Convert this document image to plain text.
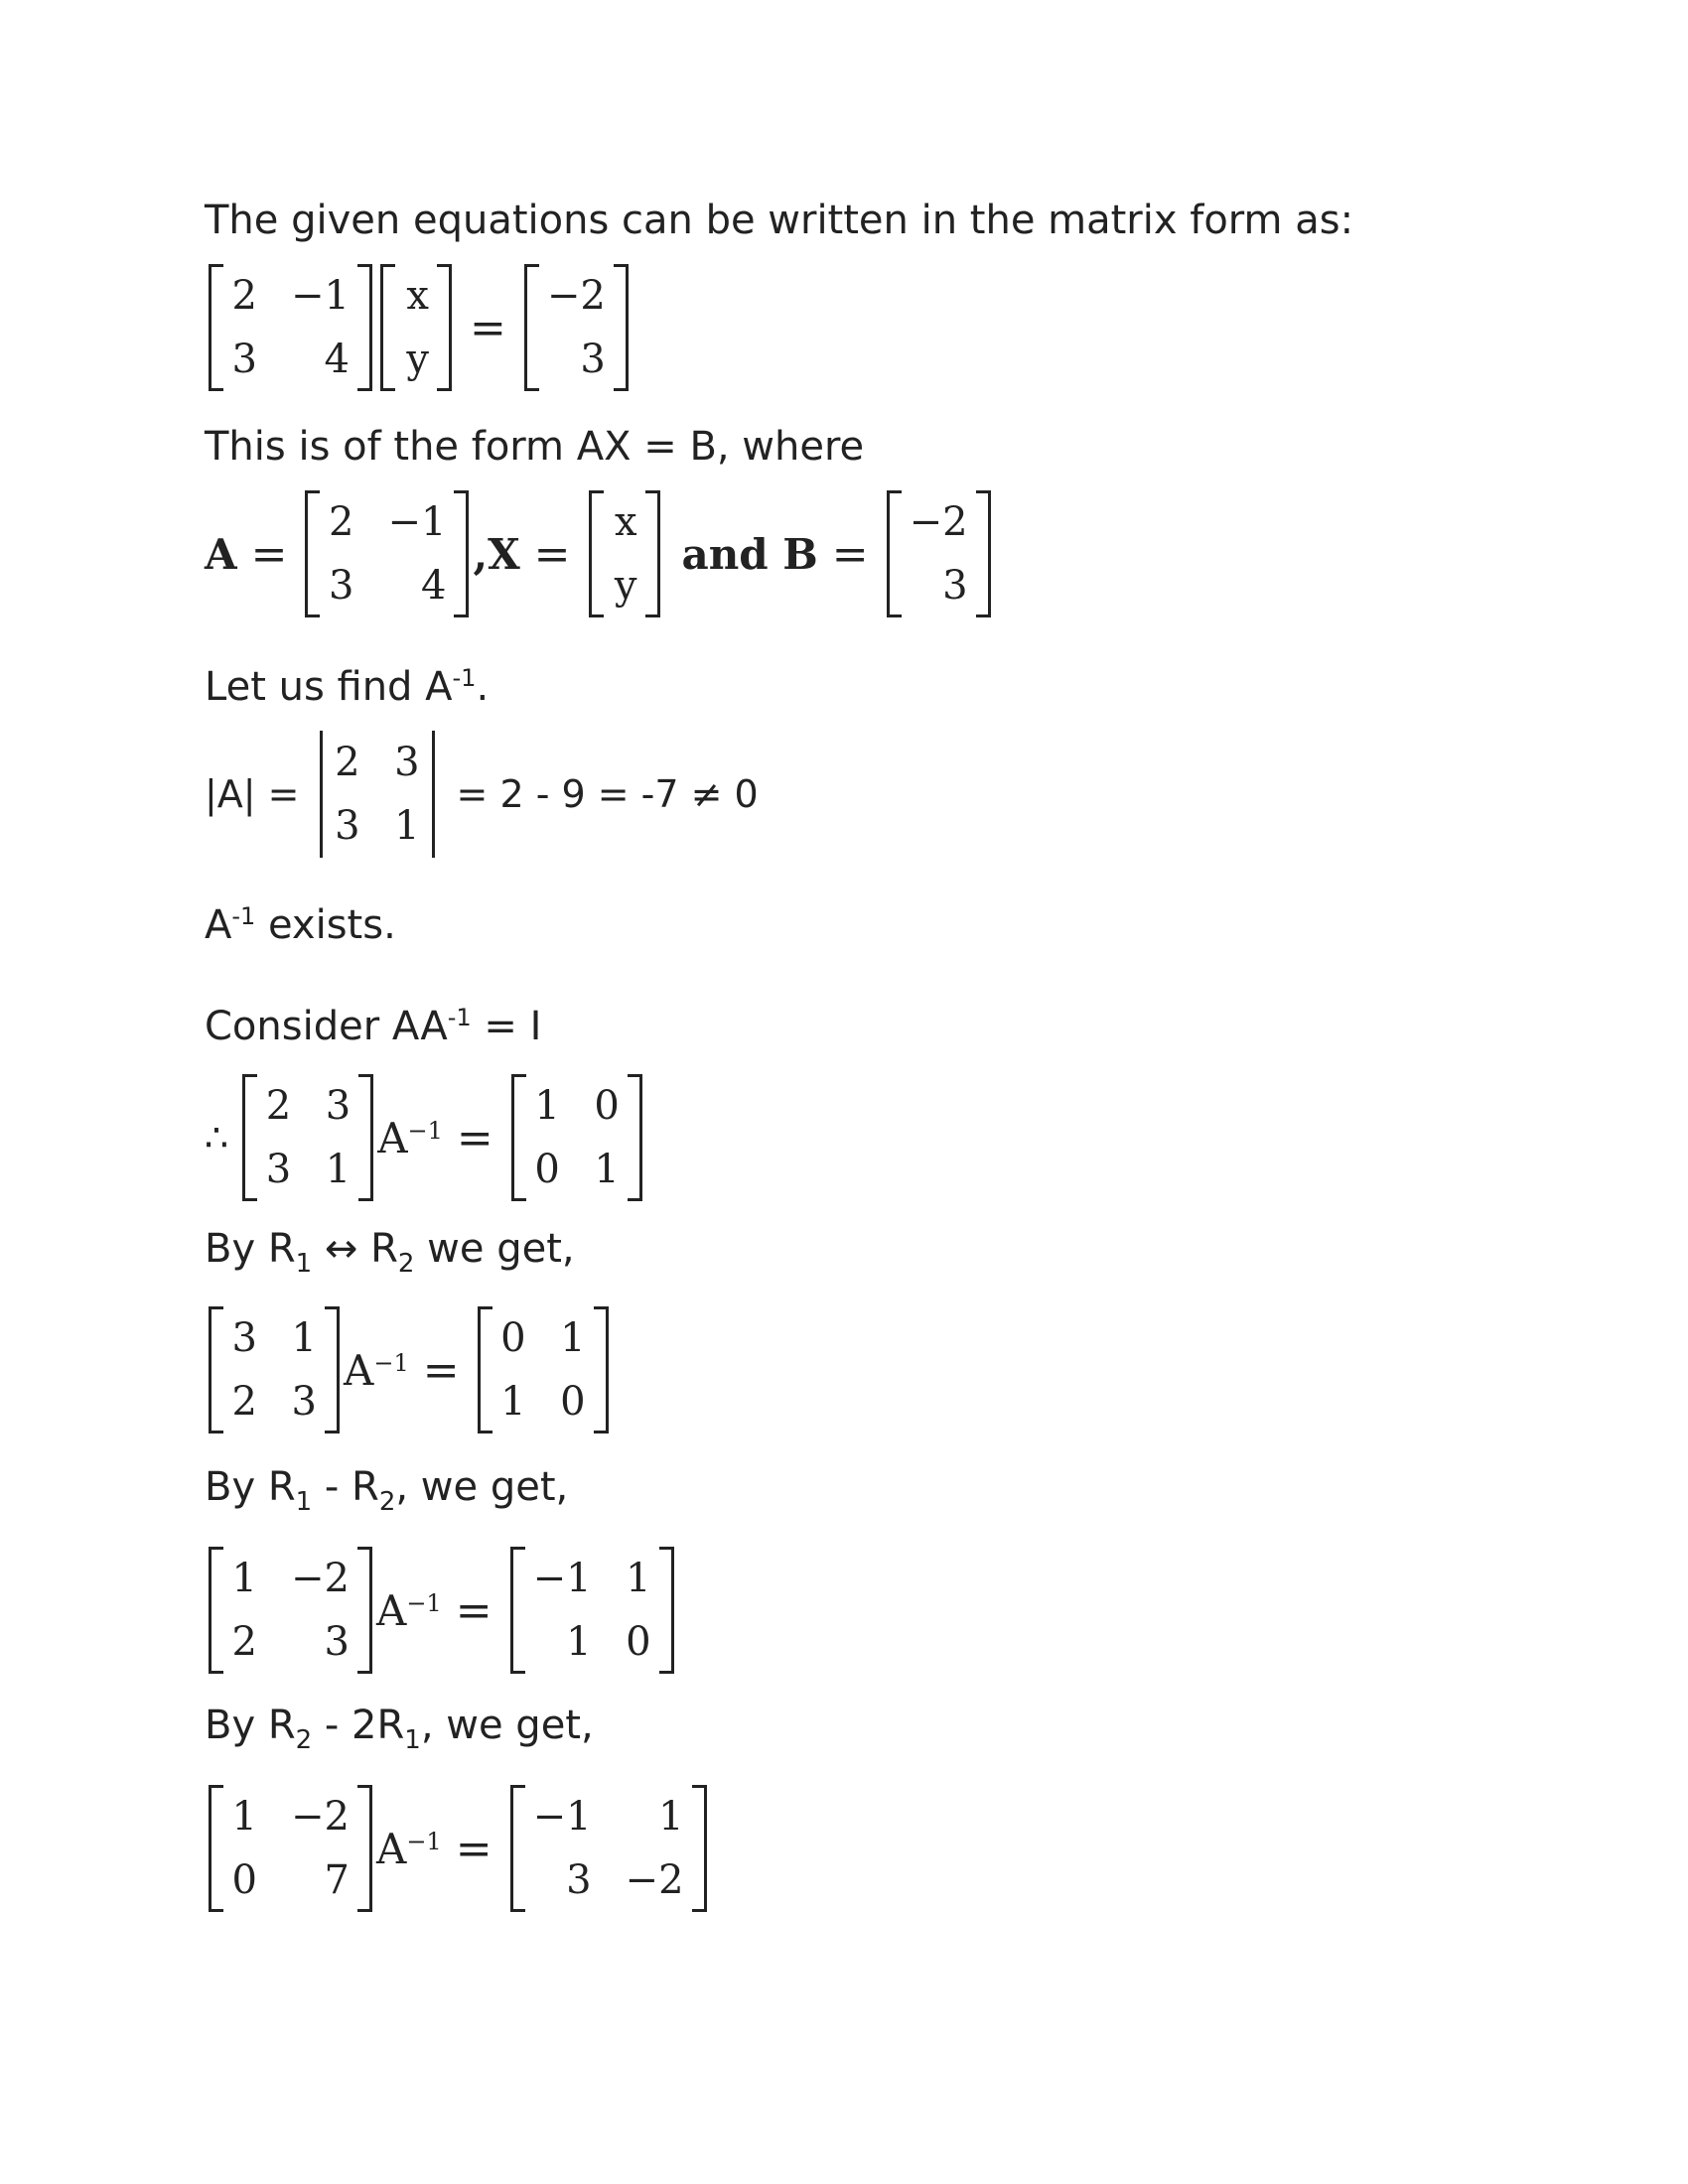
The given equations can be written in the matrix form as:
2 −1
3	4
x
y
=
−2
3
This is of the form AX = B, where
A =
2 −1
3	4
, X =
x
y
and B =
−2
3
Let us find $A^{-1}$.
|A| =
2 3
3 1
= 2 - 9 = -7 ≠ 0
$A^{-1}$ exists.
Consider $AA^{-1} = I$
∴
2 3
3 1
$A^{-1}$ =
1 0
0 1
By $R_1$ ↔ $R_2$ we get,
3 1
2 3
$A^{-1}$ =
0 1
1 0
By $R_1 - R_2$, we get,
1 −2
2	3
$A^{-1}$ =
−1 1
1 0
By $R_2 - 2R_1$, we get,
1 −2
0	7
$A^{-1}$ =
−1	1
3 −2
